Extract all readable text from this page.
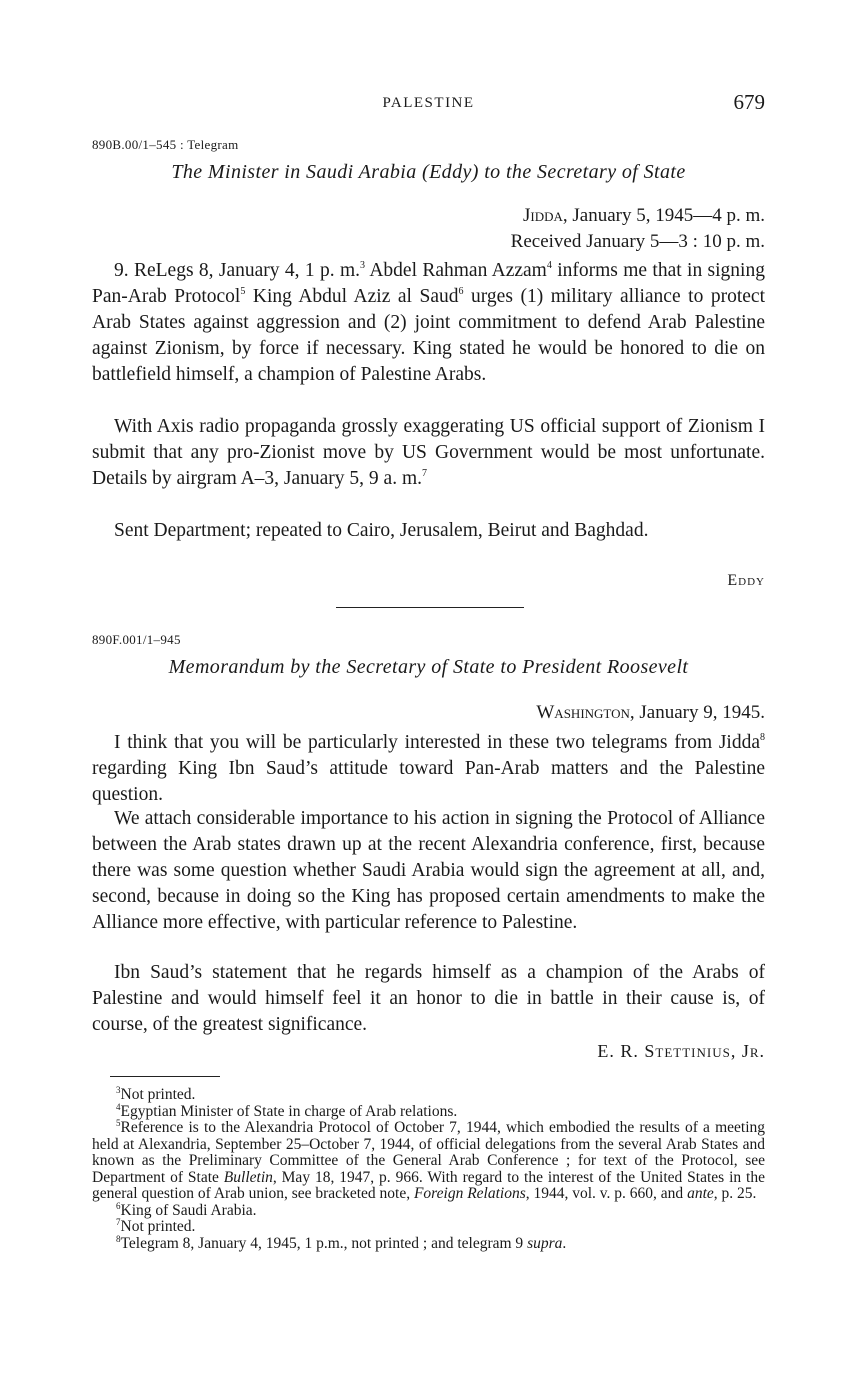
PALESTINE	679
890B.00/1–545 : Telegram
The Minister in Saudi Arabia (Eddy) to the Secretary of State
Jidda, January 5, 1945—4 p. m.
Received January 5—3 : 10 p. m.
9. ReLegs 8, January 4, 1 p. m.$^3$ Abdel Rahman Azzam$^4$ informs me that in signing Pan-Arab Protocol$^5$ King Abdul Aziz al Saud$^6$ urges (1) military alliance to protect Arab States against aggression and (2) joint commitment to defend Arab Palestine against Zionism, by force if necessary. King stated he would be honored to die on battlefield himself, a champion of Palestine Arabs.
With Axis radio propaganda grossly exaggerating US official support of Zionism I submit that any pro-Zionist move by US Government would be most unfortunate. Details by airgram A–3, January 5, 9 a. m.$^7$
Sent Department; repeated to Cairo, Jerusalem, Beirut and Baghdad.
Eddy
890F.001/1–945
Memorandum by the Secretary of State to President Roosevelt
Washington, January 9, 1945.
I think that you will be particularly interested in these two telegrams from Jidda$^8$ regarding King Ibn Saud’s attitude toward Pan-Arab matters and the Palestine question.
We attach considerable importance to his action in signing the Protocol of Alliance between the Arab states drawn up at the recent Alexandria conference, first, because there was some question whether Saudi Arabia would sign the agreement at all, and, second, because in doing so the King has proposed certain amendments to make the Alliance more effective, with particular reference to Palestine.
Ibn Saud’s statement that he regards himself as a champion of the Arabs of Palestine and would himself feel it an honor to die in battle in their cause is, of course, of the greatest significance.
E. R. Stettinius, Jr.
$^3$Not printed.
$^4$Egyptian Minister of State in charge of Arab relations.
$^5$Reference is to the Alexandria Protocol of October 7, 1944, which embodied the results of a meeting held at Alexandria, September 25–October 7, 1944, of official delegations from the several Arab States and known as the Preliminary Committee of the General Arab Conference ; for text of the Protocol, see Department of State Bulletin, May 18, 1947, p. 966. With regard to the interest of the United States in the general question of Arab union, see bracketed note, Foreign Relations, 1944, vol. v. p. 660, and ante, p. 25.
$^6$King of Saudi Arabia.
$^7$Not printed.
$^8$Telegram 8, January 4, 1945, 1 p.m., not printed ; and telegram 9 supra.
